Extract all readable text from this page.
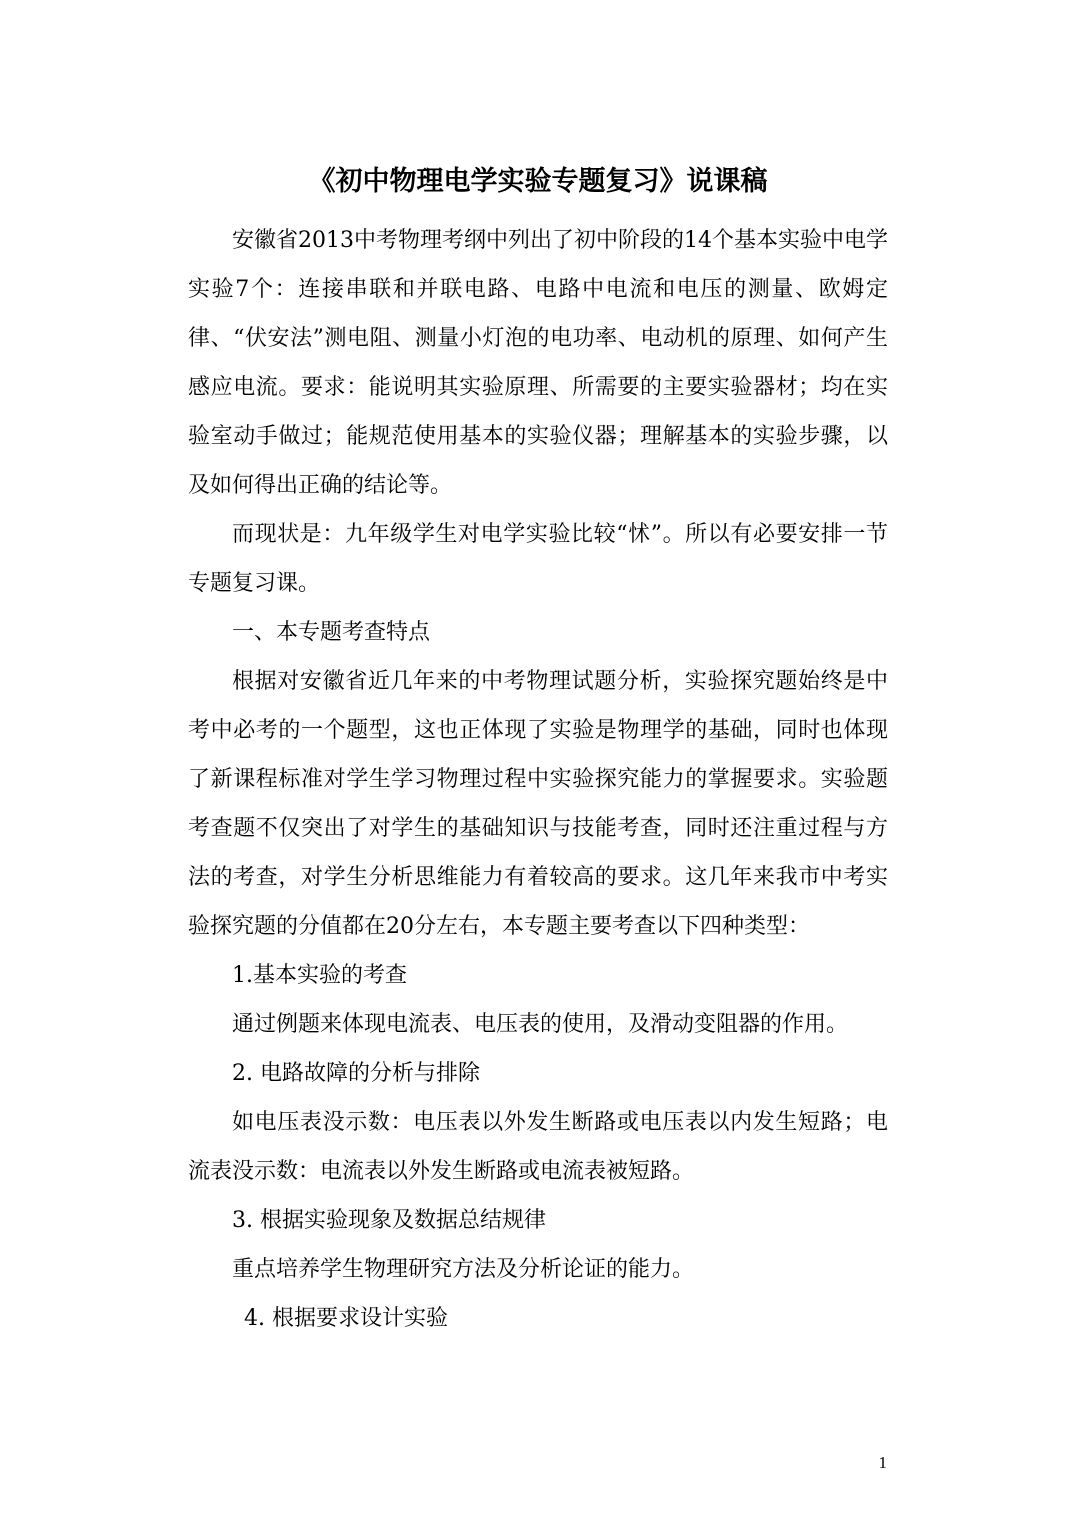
《初中物理电学实验专题复习》说课稿

安徽省2013中考物理考纲中列出了初中阶段的14个基本实验中电学实验7个：连接串联和并联电路、电路中电流和电压的测量、欧姆定律、“伏安法”测电阻、测量小灯泡的电功率、电动机的原理、如何产生感应电流。要求：能说明其实验原理、所需要的主要实验器材；均在实验室动手做过；能规范使用基本的实验仪器；理解基本的实验步骤，以及如何得出正确的结论等。

而现状是：九年级学生对电学实验比较“怵”。所以有必要安排一节专题复习课。

一、本专题考查特点

根据对安徽省近几年来的中考物理试题分析，实验探究题始终是中考中必考的一个题型，这也正体现了实验是物理学的基础，同时也体现了新课程标准对学生学习物理过程中实验探究能力的掌握要求。实验题考查题不仅突出了对学生的基础知识与技能考查，同时还注重过程与方法的考查，对学生分析思维能力有着较高的要求。这几年来我市中考实验探究题的分值都在20分左右，本专题主要考查以下四种类型：

1.基本实验的考查

通过例题来体现电流表、电压表的使用，及滑动变阻器的作用。

2. 电路故障的分析与排除

如电压表没示数：电压表以外发生断路或电压表以内发生短路；电流表没示数：电流表以外发生断路或电流表被短路。

3. 根据实验现象及数据总结规律

重点培养学生物理研究方法及分析论证的能力。

4. 根据要求设计实验

1
